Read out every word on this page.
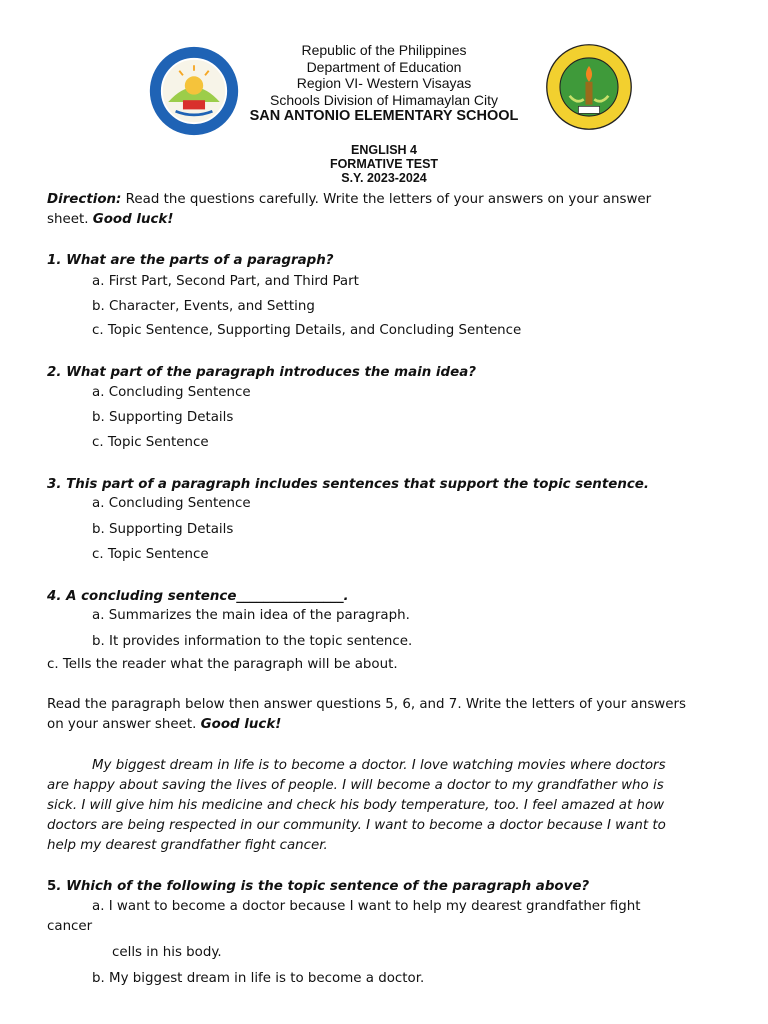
Republic of the Philippines
Department of Education
Region VI- Western Visayas
Schools Division of Himamaylan City
SAN ANTONIO ELEMENTARY SCHOOL
ENGLISH 4
FORMATIVE TEST
S.Y. 2023-2024
Direction: Read the questions carefully. Write the letters of your answers on your answer
sheet. Good luck!
1. What are the parts of a paragraph?
a. First Part, Second Part, and Third Part
b. Character, Events, and Setting
c. Topic Sentence, Supporting Details, and Concluding Sentence
2. What part of the paragraph introduces the main idea?
a. Concluding Sentence
b. Supporting Details
c. Topic Sentence
3. This part of a paragraph includes sentences that support the topic sentence.
a. Concluding Sentence
b. Supporting Details
c. Topic Sentence
4. A concluding sentence________________.
a. Summarizes the main idea of the paragraph.
b. It provides information to the topic sentence.
c. Tells the reader what the paragraph will be about.
Read the paragraph below then answer questions 5, 6, and 7. Write the letters of your answers
on your answer sheet. Good luck!
My biggest dream in life is to become a doctor. I love watching movies where doctors
are happy about saving the lives of people. I will become a doctor to my grandfather who is
sick. I will give him his medicine and check his body temperature, too. I feel amazed at how
doctors are being respected in our community. I want to become a doctor because I want to
help my dearest grandfather fight cancer.
5. Which of the following is the topic sentence of the paragraph above?
a. I want to become a doctor because I want to help my dearest grandfather fight
cancer
cells in his body.
b. My biggest dream in life is to become a doctor.
